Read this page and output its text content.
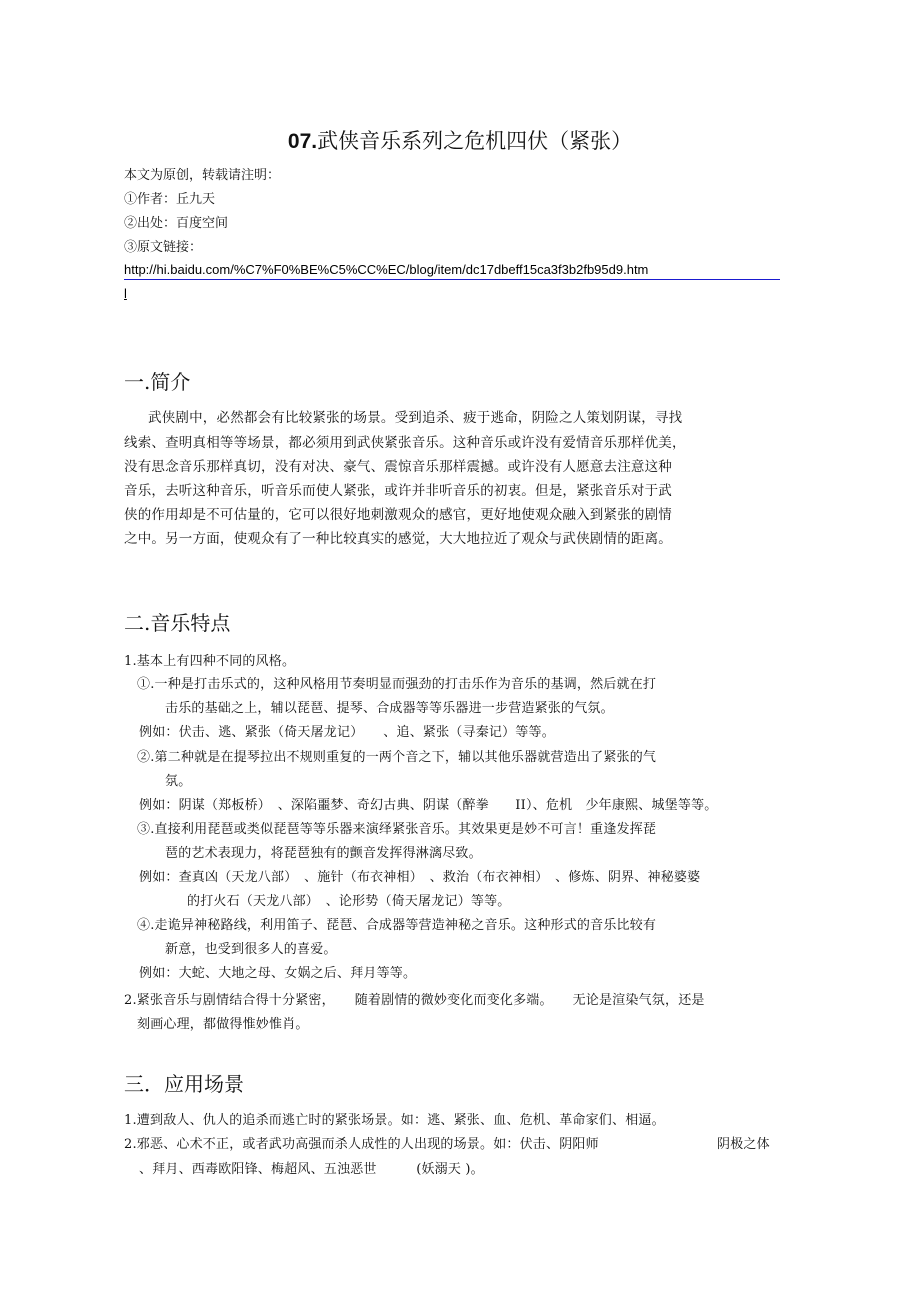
07.武侠音乐系列之危机四伏（紧张）
本文为原创，转载请注明：
①作者：丘九天
②出处：百度空间
③原文链接：
http://hi.baidu.com/%C7%F0%BE%C5%CC%EC/blog/item/dc17dbeff15ca3f3b2fb95d9.htm
l
一.简介
武侠剧中，必然都会有比较紧张的场景。受到追杀、疲于逃命，阴险之人策划阴谋，寻找
线索、查明真相等等场景，都必须用到武侠紧张音乐。这种音乐或许没有爱情音乐那样优美，
没有思念音乐那样真切，没有对决、豪气、震惊音乐那样震撼。或许没有人愿意去注意这种
音乐，去听这种音乐，听音乐而使人紧张，或许并非听音乐的初衷。但是，紧张音乐对于武
侠的作用却是不可估量的，它可以很好地刺激观众的感官，更好地使观众融入到紧张的剧情
之中。另一方面，使观众有了一种比较真实的感觉，大大地拉近了观众与武侠剧情的距离。
二.音乐特点
1.基本上有四种不同的风格。
①.一种是打击乐式的，这种风格用节奏明显而强劲的打击乐作为音乐的基调，然后就在打
击乐的基础之上，辅以琵琶、提琴、合成器等等乐器进一步营造紧张的气氛。
例如：伏击、逃、紧张（倚天屠龙记）　　、追、紧张（寻秦记）等等。
②.第二种就是在提琴拉出不规则重复的一两个音之下，辅以其他乐器就营造出了紧张的气
氛。
例如：阴谋（郑板桥）　、深陷噩梦、奇幻古典、阴谋（醉拳　　II）、危机　少年康熙、城堡等等。
③.直接利用琵琶或类似琵琶等等乐器来演绎紧张音乐。其效果更是妙不可言！重逢发挥琵
琶的艺术表现力，将琵琶独有的颤音发挥得淋漓尽致。
例如：查真凶（天龙八部）　、施针（布衣神相）　、救治（布衣神相）　、修炼、阴界、神秘婆婆
的打火石（天龙八部）　、论形势（倚天屠龙记）等等。
④.走诡异神秘路线，利用笛子、琵琶、合成器等营造神秘之音乐。这种形式的音乐比较有
新意，也受到很多人的喜爱。
例如：大蛇、大地之母、女娲之后、拜月等等。
2.紧张音乐与剧情结合得十分紧密，　　随着剧情的微妙变化而变化多端。　　无论是渲染气氛，还是
刻画心理，都做得惟妙惟肖。
三．应用场景
1.遭到敌人、仇人的追杀而逃亡时的紧张场景。如：逃、紧张、血、危机、革命家们、相逼。
2.邪恶、心术不正，或者武功高强而杀人成性的人出现的场景。如：伏击、阴阳师	阴极之体
、拜月、西毒欧阳锋、梅超风、五浊恶世　　　(妖溺天 )。
